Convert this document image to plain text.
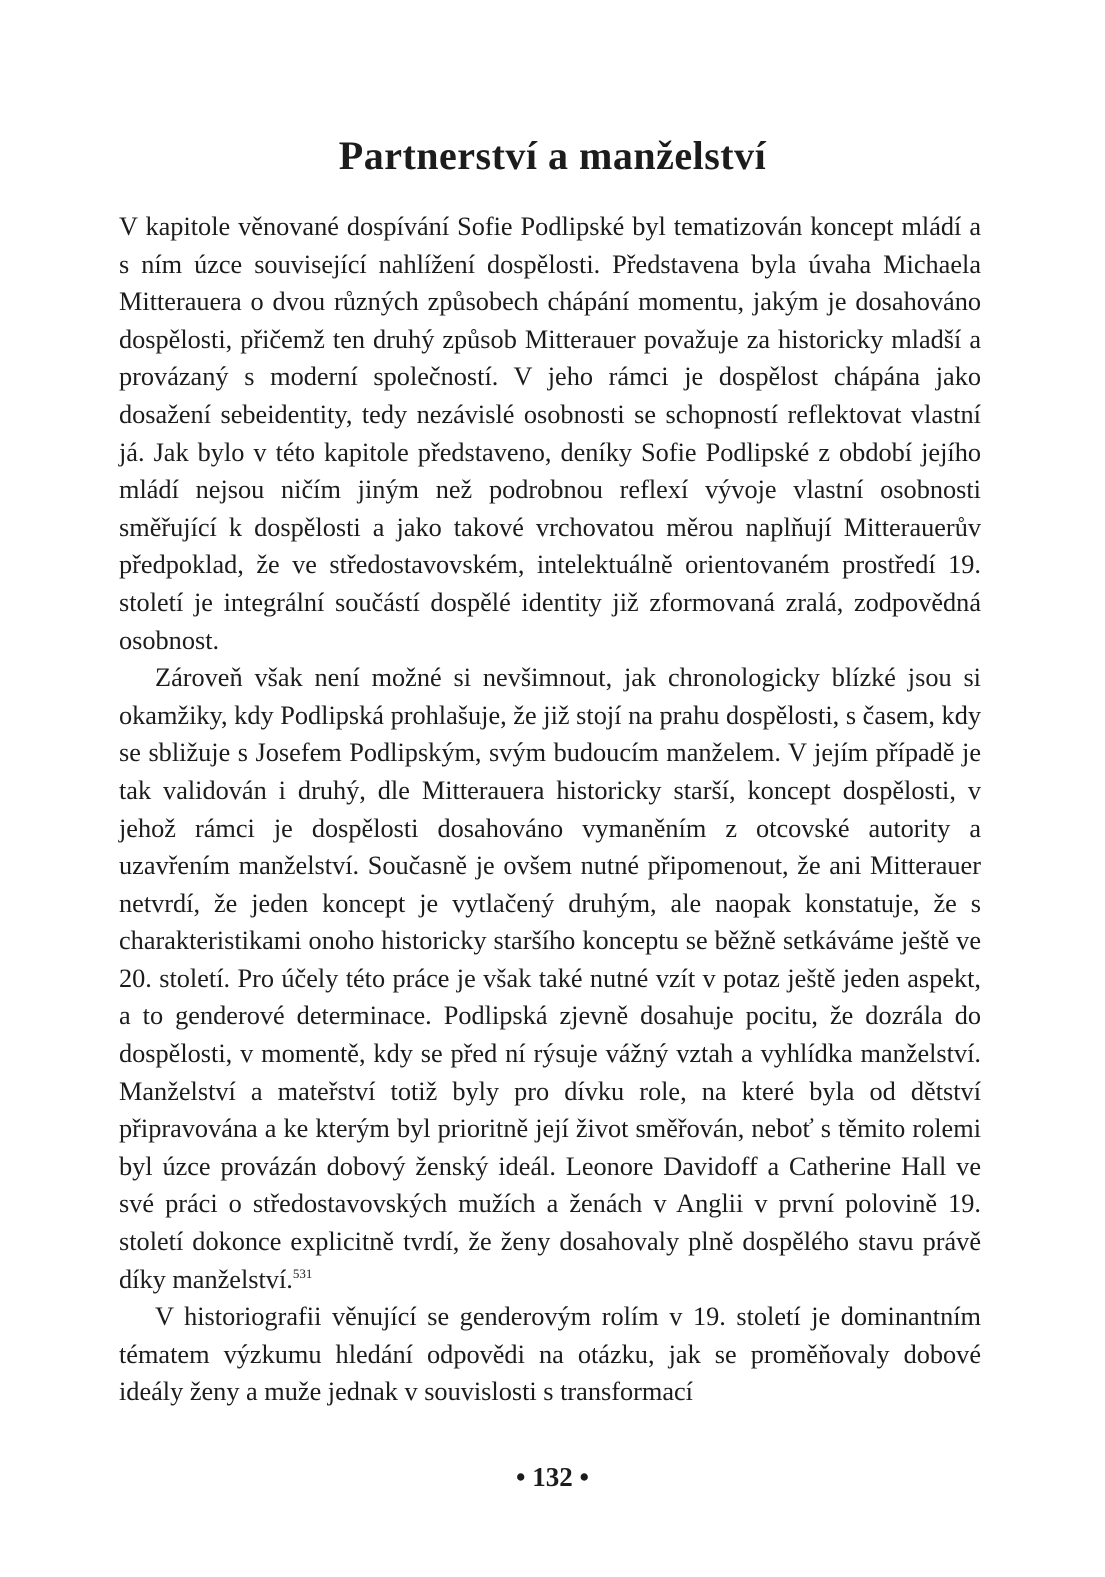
Partnerství a manželství

V kapitole věnované dospívání Sofie Podlipské byl tematizován koncept mládí a s ním úzce související nahlížení dospělosti. Představena byla úvaha Michaela Mitterauera o dvou různých způsobech chápání momentu, jakým je dosahováno dospělosti, přičemž ten druhý způsob Mitterauer považuje za historicky mladší a provázaný s moderní společností. V jeho rámci je dospělost chápána jako dosažení sebeidentity, tedy nezávislé osobnosti se schopností reflektovat vlastní já. Jak bylo v této kapitole představeno, deníky Sofie Podlipské z období jejího mládí nejsou ničím jiným než podrobnou reflexí vývoje vlastní osobnosti směřující k dospělosti a jako takové vrchovatou měrou naplňují Mitterauerův předpoklad, že ve středostavovském, intelektuálně orientovaném prostředí 19. století je integrální součástí dospělé identity již zformovaná zralá, zodpovědná osobnost.

Zároveň však není možné si nevšimnout, jak chronologicky blízké jsou si okamžiky, kdy Podlipská prohlašuje, že již stojí na prahu dospělosti, s časem, kdy se sbližuje s Josefem Podlipským, svým budoucím manželem. V jejím případě je tak validován i druhý, dle Mitterauera historicky starší, koncept dospělosti, v jehož rámci je dospělosti dosahováno vymaněním z otcovské autority a uzavřením manželství. Současně je ovšem nutné připomenout, že ani Mitterauer netvrdí, že jeden koncept je vytlačený druhým, ale naopak konstatuje, že s charakteristikami onoho historicky staršího konceptu se běžně setkáváme ještě ve 20. století. Pro účely této práce je však také nutné vzít v potaz ještě jeden aspekt, a to genderové determinace. Podlipská zjevně dosahuje pocitu, že dozrála do dospělosti, v momentě, kdy se před ní rýsuje vážný vztah a vyhlídka manželství. Manželství a mateřství totiž byly pro dívku role, na které byla od dětství připravována a ke kterým byl prioritně její život směřován, neboť s těmito rolemi byl úzce provázán dobový ženský ideál. Leonore Davidoff a Catherine Hall ve své práci o středostavovských mužích a ženách v Anglii v první polovině 19. století dokonce explicitně tvrdí, že ženy dosahovaly plně dospělého stavu právě díky manželství.$^{531}$

V historiografii věnující se genderovým rolím v 19. století je dominantním tématem výzkumu hledání odpovědi na otázku, jak se proměňovaly dobové ideály ženy a muže jednak v souvislosti s transformací

• 132 •
